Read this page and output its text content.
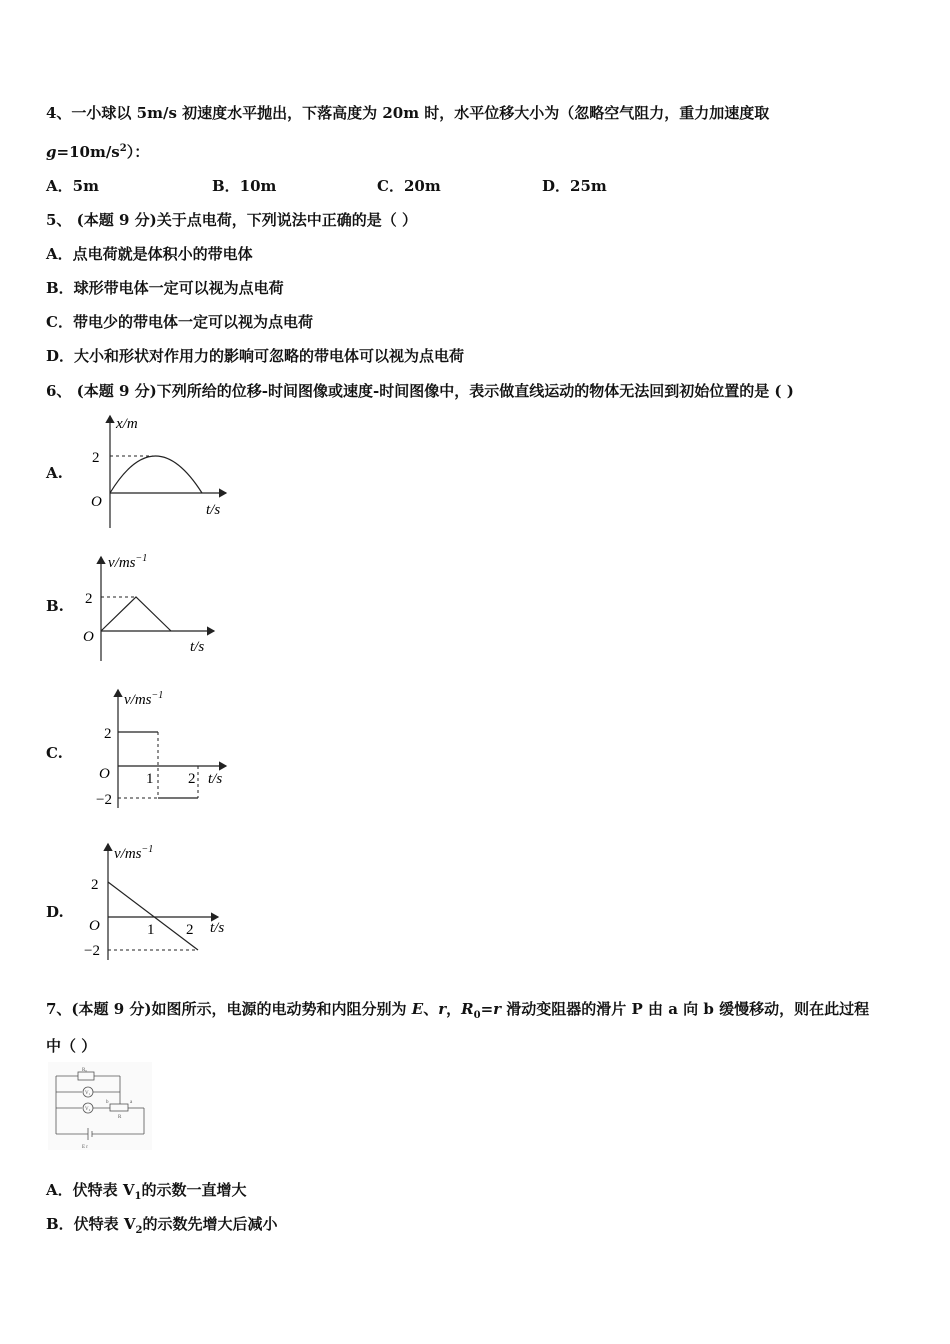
4、一小球以 5m/s 初速度水平抛出，下落高度为 20m 时，水平位移大小为（忽略空气阻力，重力加速度取
$g=10m/s^2$）：
A．5m	B．10m	C．20m	D．25m
5、 (本题 9 分)关于点电荷，下列说法中正确的是（ ）
A．点电荷就是体积小的带电体
B．球形带电体一定可以视为点电荷
C．带电少的带电体一定可以视为点电荷
D．大小和形状对作用力的影响可忽略的带电体可以视为点电荷
6、 (本题 9 分)下列所给的位移-时间图像或速度-时间图像中，表示做直线运动的物体无法回到初始位置的是 ( )
A.
x/m
2
O	t/s
B.
$v/ms^{-1}$
2
O
t/s
C.
$v/ms^{-1}$
2
−2
O 1 2 t/s
D.
$v/ms^{-1}$
2
−2
O	1 2 t/s
7、(本题 9 分)如图所示，电源的电动势和内阻分别为 E、r，$R_0=r$ 滑动变阻器的滑片 P 由 a 向 b 缓慢移动，则在此过程
中（ ）
R₀
V₁
V₂
b	a
R
E r
A．伏特表 $V_1$的示数一直增大
B．伏特表 $V_2$的示数先增大后减小
